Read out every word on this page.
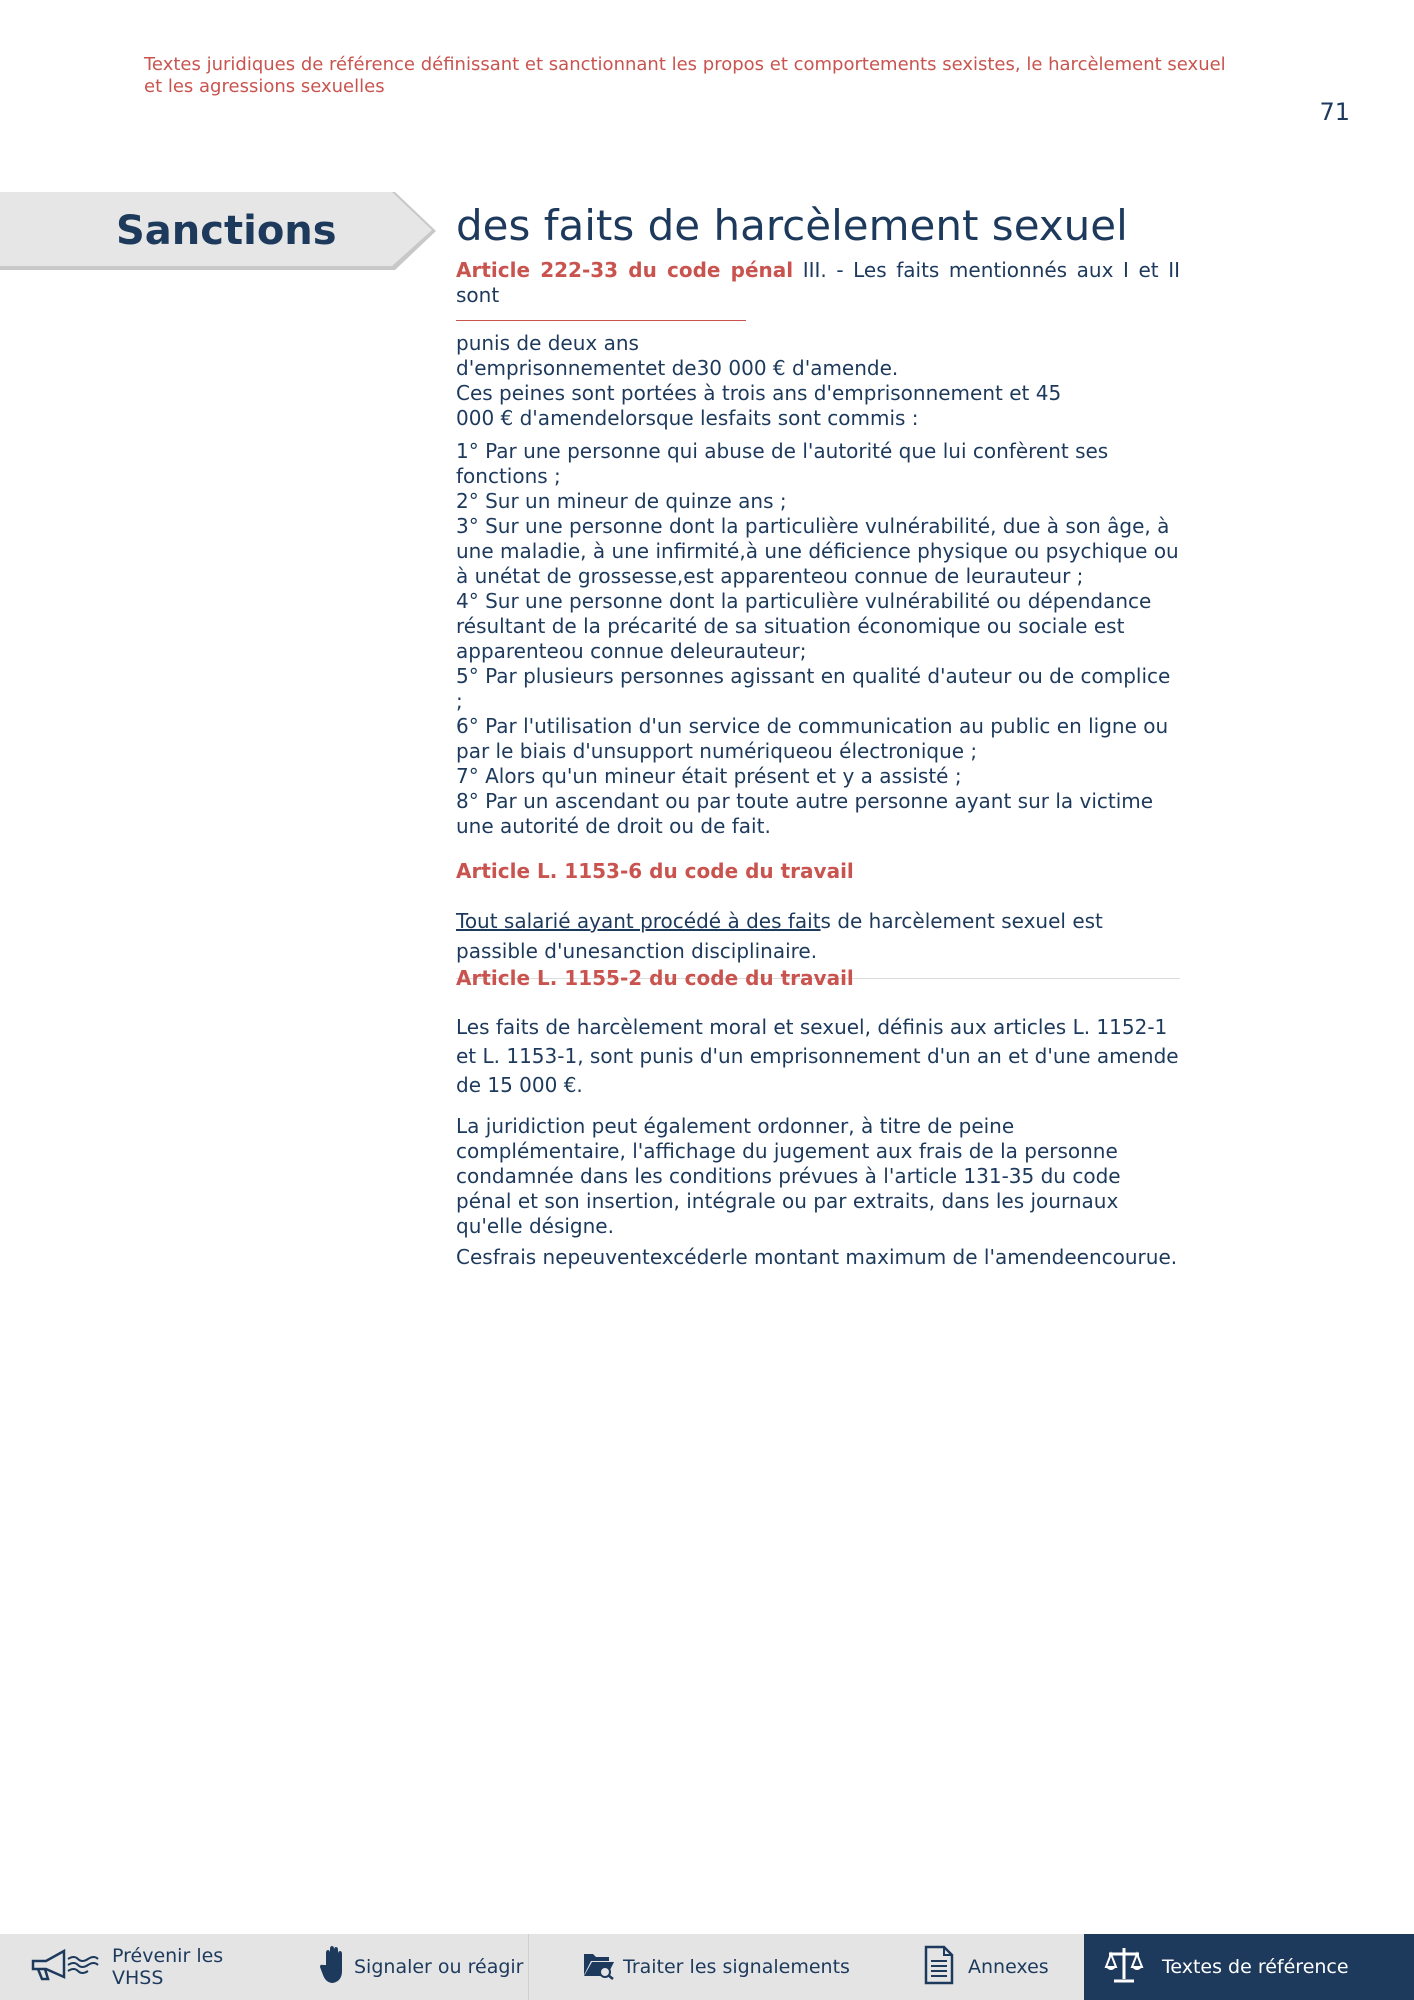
Textes juridiques de référence définissant et sanctionnant les propos et comportements sexistes, le harcèlement sexuel et les agressions sexuelles
71
Sanctions	des faits de harcèlement sexuel
Article 222-33 du code pénal III. - Les faits mentionnés aux I et II sont

punis de deux ans

d'emprisonnementet de30 000 € d'amende.

Ces peines sont portées à trois ans d'emprisonnement et 45 000 € d'amendelorsque lesfaits sont commis :

1° Par une personne qui abuse de l'autorité que lui confèrent ses fonctions ;
2° Sur un mineur de quinze ans ;
3° Sur une personne dont la particulière vulnérabilité, due à son âge, à une maladie, à une infirmité,à une déficience physique ou psychique ou à unétat de grossesse,est apparenteou connue de leurauteur ;
4° Sur une personne dont la particulière vulnérabilité ou dépendance résultant de la précarité de sa situation économique ou sociale est apparenteou connue deleurauteur;
5° Par plusieurs personnes agissant en qualité d'auteur ou de complice ;
6° Par l'utilisation d'un service de communication au public en ligne ou par le biais d'unsupport numériqueou électronique ;
7° Alors qu'un mineur était présent et y a assisté ;
8° Par un ascendant ou par toute autre personne ayant sur la victime une autorité de droit ou de fait.
Article L. 1153-6 du code du travail

Tout salarié ayant procédé à des faits de harcèlement sexuel est passible d'unesanction disciplinaire.

Article L. 1155-2 du code du travail

Les faits de harcèlement moral et sexuel, définis aux articles L. 1152-1 et L. 1153-1, sont punis d'un emprisonnement d'un an et d'une amende de 15 000 €.

La juridiction peut également ordonner, à titre de peine complémentaire, l'affichage du jugement aux frais de la personne condamnée dans les conditions prévues à l'article 131-35 du code pénal et son insertion, intégrale ou par extraits, dans les journaux qu'elle désigne.

Cesfrais nepeuventexcéderle montant maximum de l'amendeencourue.

Prévenir les VHSS	Signaler ou réagir	Traiter les signalements	Annexes	Textes de référence
